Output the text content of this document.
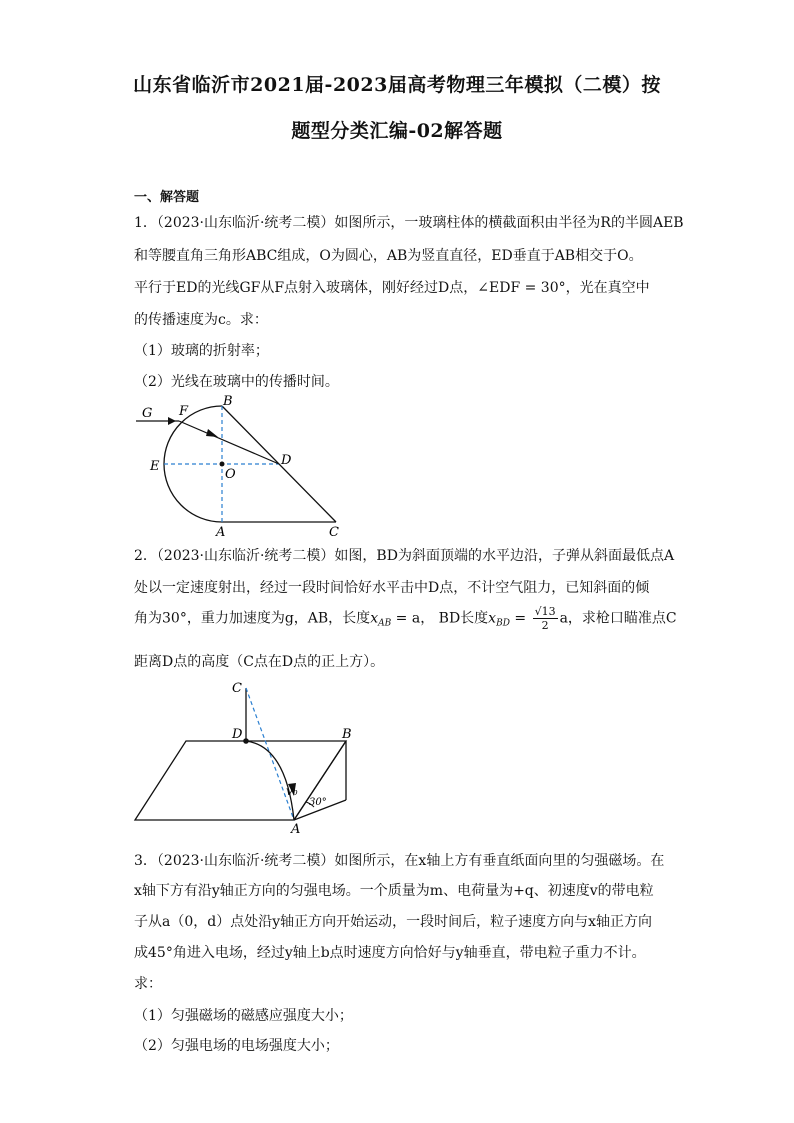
山东省临沂市2021届-2023届高考物理三年模拟（二模）按
题型分类汇编-02解答题
一、解答题
1．（2023·山东临沂·统考二模）如图所示，一玻璃柱体的横截面积由半径为R的半圆AEB
和等腰直角三角形ABC组成，O为圆心，AB为竖直直径，ED垂直于AB相交于O。
平行于ED的光线GF从F点射入玻璃体，刚好经过D点，∠EDF = 30°，光在真空中
的传播速度为c。求：
（1）玻璃的折射率；
（2）光线在玻璃中的传播时间。
G F
B
E
O
D
A	C
2．（2023·山东临沂·统考二模）如图，BD为斜面顶端的水平边沿，子弹从斜面最低点A
处以一定速度射出，经过一段时间恰好水平击中D点，不计空气阻力，已知斜面的倾
角为30°，重力加速度为g，AB，长度$x_{AB} = a$， BD长度$x_{BD} = \frac{√13}{2}$ a，求枪口瞄准点C
距离D点的高度（C点在D点的正上方）。
C
D	B
v₀
30°
A
3．（2023·山东临沂·统考二模）如图所示，在x轴上方有垂直纸面向里的匀强磁场。在
x轴下方有沿y轴正方向的匀强电场。一个质量为m、电荷量为+q、初速度v的带电粒
子从a（0，d）点处沿y轴正方向开始运动，一段时间后，粒子速度方向与x轴正方向
成45°角进入电场，经过y轴上b点时速度方向恰好与y轴垂直，带电粒子重力不计。
求：
（1）匀强磁场的磁感应强度大小；
（2）匀强电场的电场强度大小；
